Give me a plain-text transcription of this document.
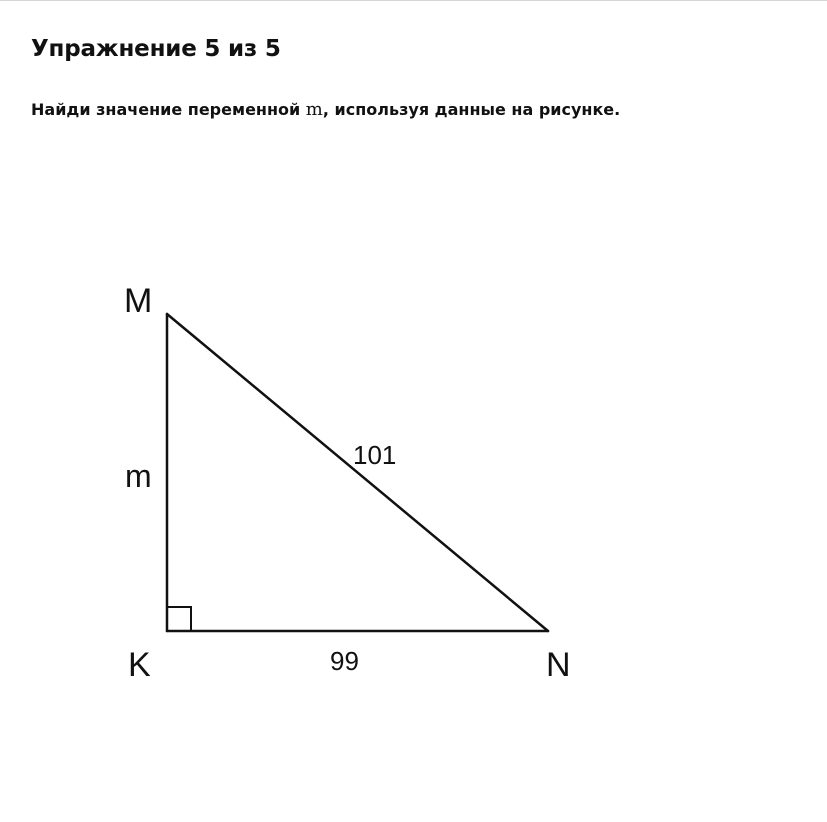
Упражнение 5 из 5

Найди значение переменной m, используя данные на рисунке.

M
K	N
m
101
99
